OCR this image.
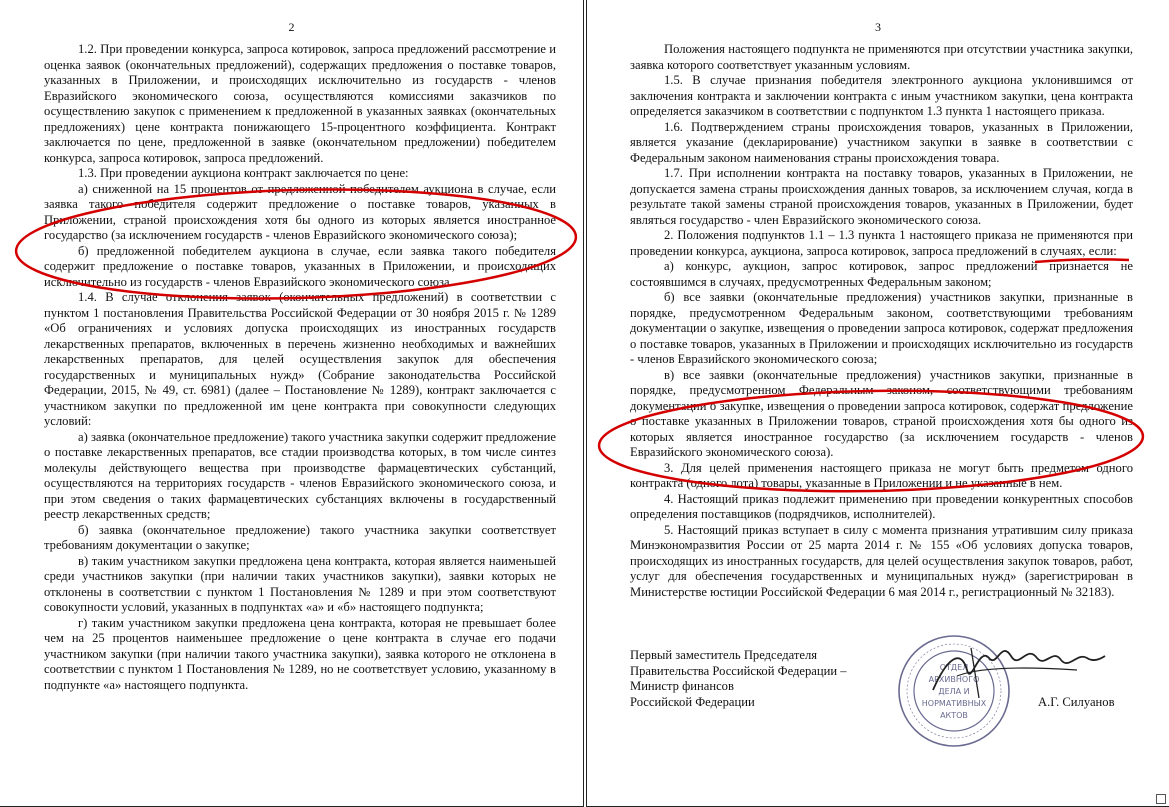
2

1.2. При проведении конкурса, запроса котировок, запроса предложений рассмотрение и оценка заявок (окончательных предложений), содержащих предложения о поставке товаров, указанных в Приложении, и происходящих исключительно из государств - членов Евразийского экономического союза, осуществляются комиссиями заказчиков по осуществлению закупок с применением к предложенной в указанных заявках (окончательных предложениях) цене контракта понижающего 15-процентного коэффициента. Контракт заключается по цене, предложенной в заявке (окончательном предложении) победителем конкурса, запроса котировок, запроса предложений.

1.3. При проведении аукциона контракт заключается по цене:

а) сниженной на 15 процентов от предложенной победителем аукциона в случае, если заявка такого победителя содержит предложение о поставке товаров, указанных в Приложении, страной происхождения хотя бы одного из которых является иностранное государство (за исключением государств - членов Евразийского экономического союза);

б) предложенной победителем аукциона в случае, если заявка такого победителя содержит предложение о поставке товаров, указанных в Приложении, и происходящих исключительно из государств - членов Евразийского экономического союза.

1.4. В случае отклонения заявок (окончательных предложений) в соответствии с пунктом 1 постановления Правительства Российской Федерации от 30 ноября 2015 г. № 1289 «Об ограничениях и условиях допуска происходящих из иностранных государств лекарственных препаратов, включенных в перечень жизненно необходимых и важнейших лекарственных препаратов, для целей осуществления закупок для обеспечения государственных и муниципальных нужд» (Собрание законодательства Российской Федерации, 2015, № 49, ст. 6981) (далее – Постановление № 1289), контракт заключается с участником закупки по предложенной им цене контракта при совокупности следующих условий:

а) заявка (окончательное предложение) такого участника закупки содержит предложение о поставке лекарственных препаратов, все стадии производства которых, в том числе синтез молекулы действующего вещества при производстве фармацевтических субстанций, осуществляются на территориях государств - членов Евразийского экономического союза, и при этом сведения о таких фармацевтических субстанциях включены в государственный реестр лекарственных средств;

б) заявка (окончательное предложение) такого участника закупки соответствует требованиям документации о закупке;

в) таким участником закупки предложена цена контракта, которая является наименьшей среди участников закупки (при наличии таких участников закупки), заявки которых не отклонены в соответствии с пунктом 1 Постановления № 1289 и при этом соответствуют совокупности условий, указанных в подпунктах «а» и «б» настоящего подпункта;

г) таким участником закупки предложена цена контракта, которая не превышает более чем на 25 процентов наименьшее предложение о цене контракта в случае его подачи участником закупки (при наличии такого участника закупки), заявка которого не отклонена в соответствии с пунктом 1 Постановления № 1289, но не соответствует условию, указанному в подпункте «а» настоящего подпункта.

3

Положения настоящего подпункта не применяются при отсутствии участника закупки, заявка которого соответствует указанным условиям.

1.5. В случае признания победителя электронного аукциона уклонившимся от заключения контракта и заключении контракта с иным участником закупки, цена контракта определяется заказчиком в соответствии с подпунктом 1.3 пункта 1 настоящего приказа.

1.6. Подтверждением страны происхождения товаров, указанных в Приложении, является указание (декларирование) участником закупки в заявке в соответствии с Федеральным законом наименования страны происхождения товара.

1.7. При исполнении контракта на поставку товаров, указанных в Приложении, не допускается замена страны происхождения данных товаров, за исключением случая, когда в результате такой замены страной происхождения товаров, указанных в Приложении, будет являться государство - член Евразийского экономического союза.

2. Положения подпунктов 1.1 – 1.3 пункта 1 настоящего приказа не применяются при проведении конкурса, аукциона, запроса котировок, запроса предложений в случаях, если:

а) конкурс, аукцион, запрос котировок, запрос предложений признается не состоявшимся в случаях, предусмотренных Федеральным законом;

б) все заявки (окончательные предложения) участников закупки, признанные в порядке, предусмотренном Федеральным законом, соответствующими требованиям документации о закупке, извещения о проведении запроса котировок, содержат предложения о поставке товаров, указанных в Приложении и происходящих исключительно из государств - членов Евразийского экономического союза;

в) все заявки (окончательные предложения) участников закупки, признанные в порядке, предусмотренном Федеральным законом, соответствующими требованиям документации о закупке, извещения о проведении запроса котировок, содержат предложение о поставке указанных в Приложении товаров, страной происхождения хотя бы одного из которых является иностранное государство (за исключением государств - членов Евразийского экономического союза).

3. Для целей применения настоящего приказа не могут быть предметом одного контракта (одного лота) товары, указанные в Приложении и не указанные в нем.

4. Настоящий приказ подлежит применению при проведении конкурентных способов определения поставщиков (подрядчиков, исполнителей).

5. Настоящий приказ вступает в силу с момента признания утратившим силу приказа Минэкономразвития России от 25 марта 2014 г. № 155 «Об условиях допуска товаров, происходящих из иностранных государств, для целей осуществления закупок товаров, работ, услуг для обеспечения государственных и муниципальных нужд» (зарегистрирован в Министерстве юстиции Российской Федерации 6 мая 2014 г., регистрационный № 32183).

Первый заместитель Председателя
Правительства Российской Федерации –
Министр финансов
Российской Федерации
ОТДЕЛ
АРХИВНОГО
ДЕЛА И
НОРМАТИВНЫХ
АКТОВ
А.Г. Силуанов
